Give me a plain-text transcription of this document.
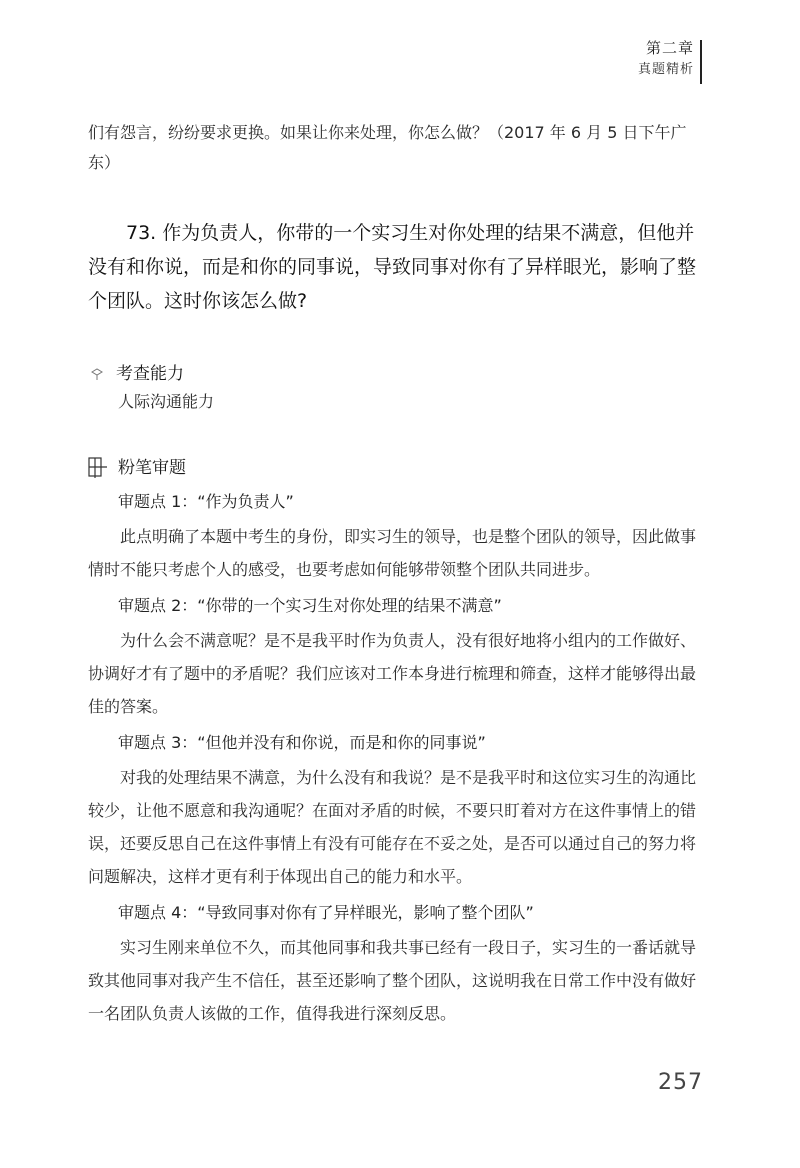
第二章
真题精析

们有怨言，纷纷要求更换。如果让你来处理，你怎么做？（2017 年 6 月 5 日下午广东）

73. 作为负责人，你带的一个实习生对你处理的结果不满意，但他并没有和你说，而是和你的同事说，导致同事对你有了异样眼光，影响了整个团队。这时你该怎么做?
考查能力
人际沟通能力
粉笔审题
审题点 1：“作为负责人”
此点明确了本题中考生的身份，即实习生的领导，也是整个团队的领导，因此做事情时不能只考虑个人的感受，也要考虑如何能够带领整个团队共同进步。
审题点 2：“你带的一个实习生对你处理的结果不满意”
为什么会不满意呢？是不是我平时作为负责人，没有很好地将小组内的工作做好、协调好才有了题中的矛盾呢？我们应该对工作本身进行梳理和筛查，这样才能够得出最佳的答案。
审题点 3：“但他并没有和你说，而是和你的同事说”
对我的处理结果不满意，为什么没有和我说？是不是我平时和这位实习生的沟通比较少，让他不愿意和我沟通呢？在面对矛盾的时候，不要只盯着对方在这件事情上的错误，还要反思自己在这件事情上有没有可能存在不妥之处，是否可以通过自己的努力将问题解决，这样才更有利于体现出自己的能力和水平。
审题点 4：“导致同事对你有了异样眼光，影响了整个团队”
实习生刚来单位不久，而其他同事和我共事已经有一段日子，实习生的一番话就导致其他同事对我产生不信任，甚至还影响了整个团队，这说明我在日常工作中没有做好一名团队负责人该做的工作，值得我进行深刻反思。
257
